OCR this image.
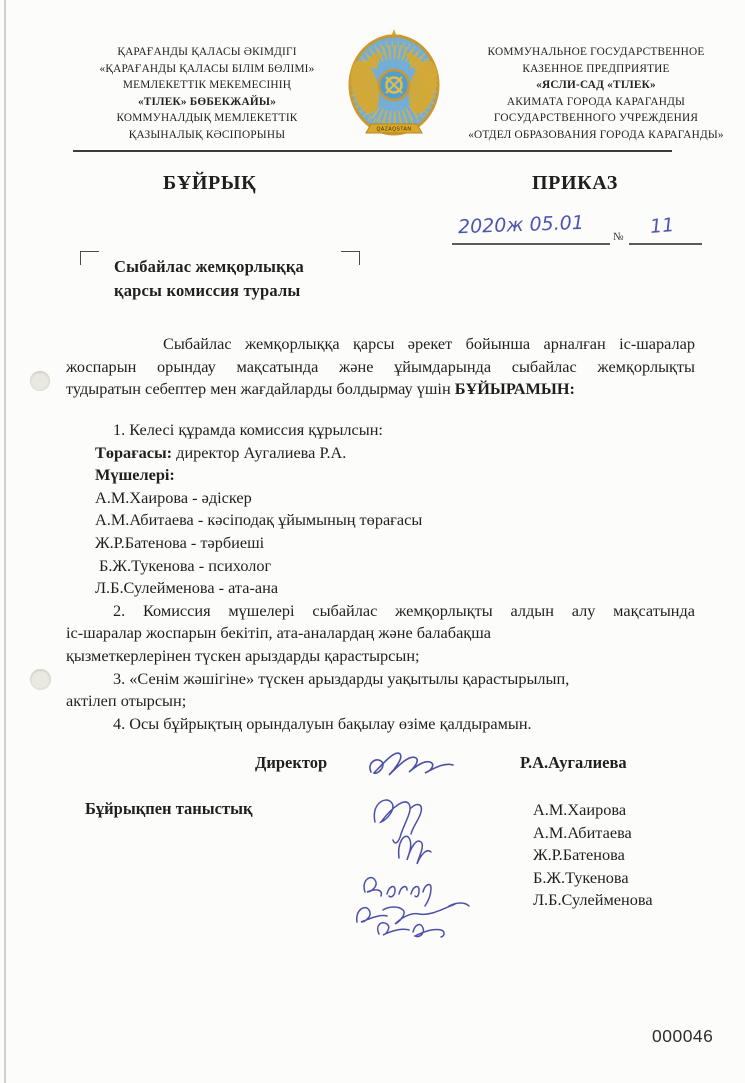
ҚАРАҒАНДЫ ҚАЛАСЫ ӘКІМДІГІ
«ҚАРАҒАНДЫ ҚАЛАСЫ БІЛІМ БӨЛІМІ»
МЕМЛЕКЕТТІК МЕКЕМЕСІНІҢ
«ТІЛЕК» БӨБЕКЖАЙЫ»
КОММУНАЛДЫҚ МЕМЛЕКЕТТІК
ҚАЗЫНАЛЫҚ КӘСІПОРЫНЫ	QAZAQSTAN
КОММУНАЛЬНОЕ ГОСУДАРСТВЕННОЕ
КАЗЕННОЕ ПРЕДПРИЯТИЕ
«ЯСЛИ-САД «ТІЛЕК»
АКИМАТА ГОРОДА КАРАГАНДЫ
ГОСУДАРСТВЕННОГО УЧРЕЖДЕНИЯ
«ОТДЕЛ ОБРАЗОВАНИЯ ГОРОДА КАРАГАНДЫ»
БҰЙРЫҚ	ПРИКАЗ
2020ж 05.01	№ 11
Сыбайлас жемқорлыққа
қарсы комиссия туралы
Сыбайлас жемқорлыққа қарсы әрекет бойынша арналған іс-шаралар
жоспарын орындау мақсатында және ұйымдарында сыбайлас жемқорлықты
тудыратын себептер мен жағдайларды болдырмау үшін БҰЙЫРАМЫН:
1. Келесі құрамда комиссия құрылсын:
Төрағасы: директор Аугалиева Р.А.
Мүшелері:
А.М.Хаирова - әдіскер
А.М.Абитаева - кәсіподақ ұйымының төрағасы
Ж.Р.Батенова - тәрбиеші
Б.Ж.Тукенова - психолог
Л.Б.Сулейменова - ата-ана
2. Комиссия мүшелері сыбайлас жемқорлықты алдын алу мақсатында
іс-шаралар жоспарын бекітіп, ата-аналардаң және балабақша
қызметкерлерінен түскен арыздарды қарастырсын;
3. «Сенім жәшігіне» түскен арыздарды уақытылы қарастырылып,
актілеп отырсын;
4. Осы бұйрықтың орындалуын бақылау өзіме қалдырамын.
Директор	Р.А.Аугалиева
Бұйрықпен таныстық	А.М.Хаирова
А.М.Абитаева
Ж.Р.Батенова
Б.Ж.Тукенова
Л.Б.Сулейменова
000046
